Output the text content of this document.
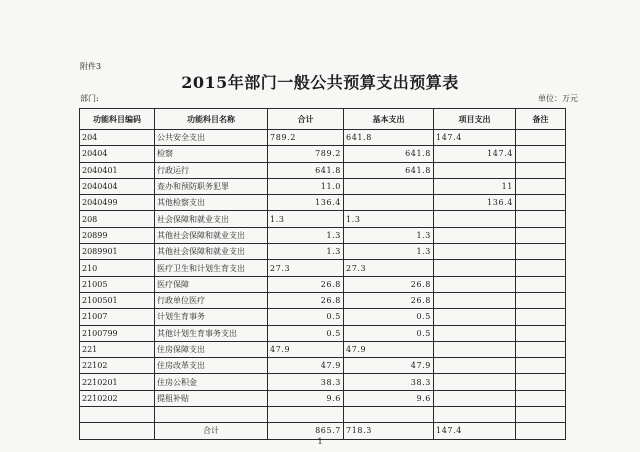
附件3
2015年部门一般公共预算支出预算表
部门:	单位：万元
功能科目编码	功能科目名称	合计	基本支出	项目支出	备注
204	公共安全支出	789.2	641.8	147.4	
20404	检察	789.2	641.8	147.4	
2040401	行政运行	641.8	641.8		
2040404	查办和预防职务犯罪	11.0		11	
2040499	其他检察支出	136.4		136.4	
208	社会保障和就业支出	1.3	1.3		
20899	其他社会保障和就业支出	1.3	1.3		
2089901	其他社会保障和就业支出	1.3	1.3		
210	医疗卫生和计划生育支出	27.3	27.3		
21005	医疗保障	26.8	26.8		
2100501	行政单位医疗	26.8	26.8		
21007	计划生育事务	0.5	0.5		
2100799	其他计划生育事务支出	0.5	0.5		
221	住房保障支出	47.9	47.9		
22102	住房改革支出	47.9	47.9		
2210201	住房公积金	38.3	38.3		
2210202	提租补贴	9.6	9.6		

	合计	865.7	718.3	147.4	
1
